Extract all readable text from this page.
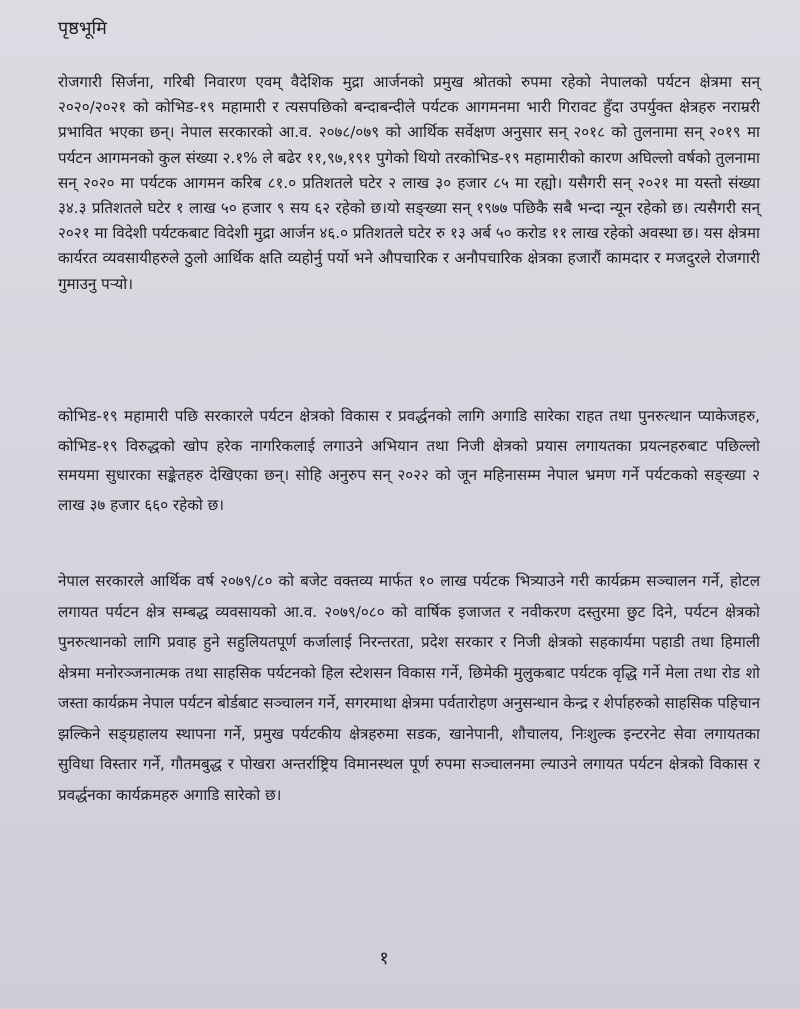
पृष्ठभूमि

रोजगारी सिर्जना, गरिबी निवारण एवम् वैदेशिक मुद्रा आर्जनको प्रमुख श्रोतको रुपमा रहेको नेपालको पर्यटन क्षेत्रमा सन् २०२०/२०२१ को कोभिड-१९ महामारी र त्यसपछिको बन्दाबन्दीले पर्यटक आगमनमा भारी गिरावट हुँदा उपर्युक्त क्षेत्रहरु नराम्ररी प्रभावित भएका छन्। नेपाल सरकारको आ.व. २०७८/०७९ को आर्थिक सर्वेक्षण अनुसार सन् २०१८ को तुलनामा सन् २०१९ मा पर्यटन आगमनको कुल संख्या २.१% ले बढेर ११,९७,१९१ पुगेको थियो तरकोभिड-१९ महामारीको कारण अघिल्लो वर्षको तुलनामा सन् २०२० मा पर्यटक आगमन करिब ८१.० प्रतिशतले घटेर २ लाख ३० हजार ८५ मा रह्यो। यसैगरी सन् २०२१ मा यस्तो संख्या ३४.३ प्रतिशतले घटेर १ लाख ५० हजार ९ सय ६२ रहेको छ।यो सङ्ख्या सन् १९७७ पछिकै सबै भन्दा न्यून रहेको छ। त्यसैगरी सन् २०२१ मा विदेशी पर्यटकबाट विदेशी मुद्रा आर्जन ४६.० प्रतिशतले घटेर रु १३ अर्ब ५० करोड ११ लाख रहेको अवस्था छ। यस क्षेत्रमा कार्यरत व्यवसायीहरुले ठुलो आर्थिक क्षति व्यहोर्नु पर्यो भने औपचारिक र अनौपचारिक क्षेत्रका हजारौं कामदार र मजदुरले रोजगारी गुमाउनु पर्‍यो।

कोभिड-१९ महामारी पछि सरकारले पर्यटन क्षेत्रको विकास र प्रवर्द्धनको लागि अगाडि सारेका राहत तथा पुनरुत्थान प्याकेजहरु, कोभिड-१९ विरुद्धको खोप हरेक नागरिकलाई लगाउने अभियान तथा निजी क्षेत्रको प्रयास लगायतका प्रयत्नहरुबाट पछिल्लो समयमा सुधारका सङ्केतहरु देखिएका छन्। सोहि अनुरुप सन् २०२२ को जून महिनासम्म नेपाल भ्रमण गर्ने पर्यटकको सङ्ख्या २ लाख ३७ हजार ६६० रहेको छ।

नेपाल सरकारले आर्थिक वर्ष २०७९/८० को बजेट वक्तव्य मार्फत १० लाख पर्यटक भित्र्याउने गरी कार्यक्रम सञ्चालन गर्ने, होटल लगायत पर्यटन क्षेत्र सम्बद्ध व्यवसायको आ.व. २०७९/०८० को वार्षिक इजाजत र नवीकरण दस्तुरमा छुट दिने, पर्यटन क्षेत्रको पुनरुत्थानको लागि प्रवाह हुने सहुलियतपूर्ण कर्जालाई निरन्तरता, प्रदेश सरकार र निजी क्षेत्रको सहकार्यमा पहाडी तथा हिमाली क्षेत्रमा मनोरञ्जनात्मक तथा साहसिक पर्यटनको हिल स्टेशसन विकास गर्ने, छिमेकी मुलुकबाट पर्यटक वृद्धि गर्ने मेला तथा रोड शो जस्ता कार्यक्रम नेपाल पर्यटन बोर्डबाट सञ्चालन गर्ने, सगरमाथा क्षेत्रमा पर्वतारोहण अनुसन्धान केन्द्र र शेर्पाहरुको साहसिक पहिचान झल्किने सङ्ग्रहालय स्थापना गर्ने, प्रमुख पर्यटकीय क्षेत्रहरुमा सडक, खानेपानी, शौचालय, निःशुल्क इन्टरनेट सेवा लगायतका सुविधा विस्तार गर्ने, गौतमबुद्ध र पोखरा अन्तर्राष्ट्रिय विमानस्थल पूर्ण रुपमा सञ्चालनमा ल्याउने लगायत पर्यटन क्षेत्रको विकास र प्रवर्द्धनका कार्यक्रमहरु अगाडि सारेको छ।

१
